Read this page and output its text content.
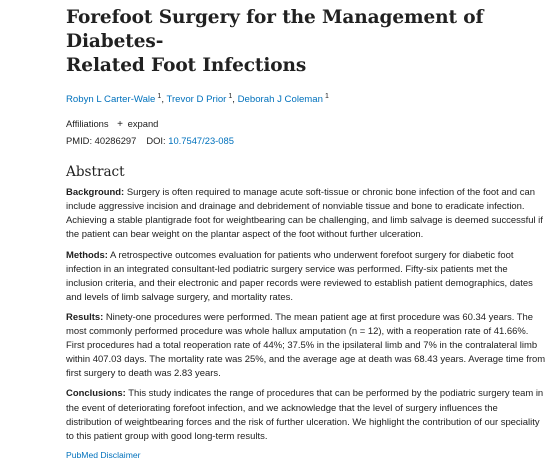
Forefoot Surgery for the Management of Diabetes-
Related Foot Infections
Robyn L Carter-Wale $^1$, Trevor D Prior $^1$, Deborah J Coleman $^1$
Affiliations + expand
PMID: 40286297 DOI: 10.7547/23-085
Abstract

Background: Surgery is often required to manage acute soft-tissue or chronic bone infection of the foot and can include aggressive incision and drainage and debridement of nonviable tissue and bone to eradicate infection. Achieving a stable plantigrade foot for weightbearing can be challenging, and limb salvage is deemed successful if the patient can bear weight on the plantar aspect of the foot without further ulceration.

Methods: A retrospective outcomes evaluation for patients who underwent forefoot surgery for diabetic foot infection in an integrated consultant-led podiatric surgery service was performed. Fifty-six patients met the inclusion criteria, and their electronic and paper records were reviewed to establish patient demographics, dates and levels of limb salvage surgery, and mortality rates.

Results: Ninety-one procedures were performed. The mean patient age at first procedure was 60.34 years. The most commonly performed procedure was whole hallux amputation (n = 12), with a reoperation rate of 41.66%. First procedures had a total reoperation rate of 44%; 37.5% in the ipsilateral limb and 7% in the contralateral limb within 407.03 days. The mortality rate was 25%, and the average age at death was 68.43 years. Average time from first surgery to death was 2.83 years.

Conclusions: This study indicates the range of procedures that can be performed by the podiatric surgery team in the event of deteriorating forefoot infection, and we acknowledge that the level of surgery influences the distribution of weightbearing forces and the risk of further ulceration. We highlight the contribution of our speciality to this patient group with good long-term results.

PubMed Disclaimer
